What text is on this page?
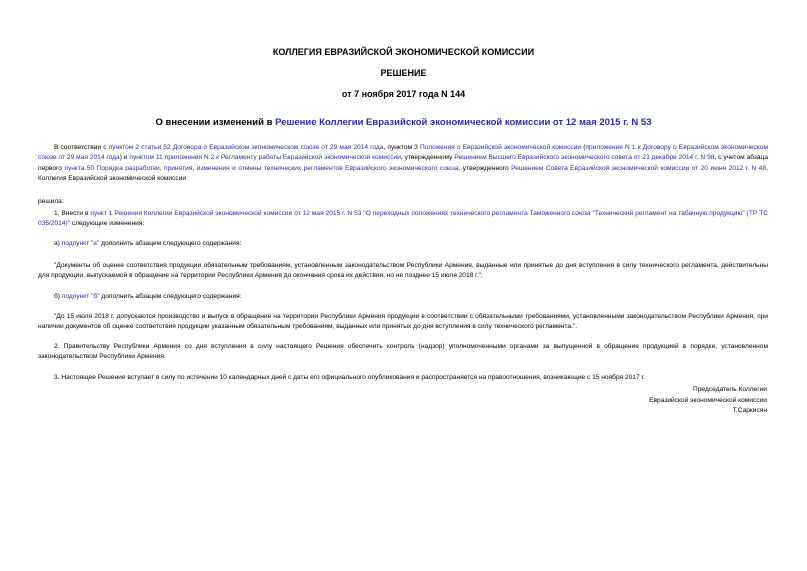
КОЛЛЕГИЯ ЕВРАЗИЙСКОЙ ЭКОНОМИЧЕСКОЙ КОМИССИИ
РЕШЕНИЕ
от 7 ноября 2017 года N 144
О внесении изменений в Решение Коллегии Евразийской экономической комиссии от 12 мая 2015 г. N 53
В соответствии с пунктом 2 статьи 52 Договора о Евразийском экономическом союзе от 29 мая 2014 года, пунктом 3 Положения о Евразийской экономической комиссии (приложение N 1 к Договору о Евразийском экономическом союзе от 29 мая 2014 года) и пунктом 11 приложения N 2 к Регламенту работы Евразийской экономической комиссии, утвержденному Решением Высшего Евразийского экономического совета от 23 декабря 2014 г. N 98, с учетом абзаца первого пункта 50 Порядка разработки, принятия, изменения и отмены технических регламентов Евразийского экономического союза, утвержденного Решением Совета Евразийской экономической комиссии от 20 июня 2012 г. N 48, Коллегия Евразийской экономической комиссии
решила:
1. Внести в пункт 1 Решения Коллегии Евразийской экономической комиссии от 12 мая 2015 г. N 53 "О переходных положениях технического регламента Таможенного союза "Технический регламент на табачную продукцию" (ТР ТС 035/2014)" следующие изменения:
а) подпункт "а" дополнить абзацем следующего содержания:
"Документы об оценке соответствия продукции обязательным требованиям, установленным законодательством Республики Армения, выданные или принятые до дня вступления в силу технического регламента, действительны для продукции, выпускаемой в обращение на территории Республики Армения до окончания срока их действия, но не позднее 15 июля 2018 г.";
б) подпункт "б" дополнить абзацем следующего содержания:
"До 15 июля 2018 г. допускаются производство и выпуск в обращение на территории Республики Армения продукции в соответствии с обязательными требованиями, установленными законодательством Республики Армения, при наличии документов об оценке соответствия продукции указанным обязательным требованиям, выданных или принятых до дня вступления в силу технического регламента.".
2. Правительству Республики Армения со дня вступления в силу настоящего Решения обеспечить контроль (надзор) уполномоченными органами за выпущенной в обращение продукцией в порядке, установленном законодательством Республики Армения.
3. Настоящее Решение вступает в силу по истечении 10 календарных дней с даты его официального опубликования и распространяется на правоотношения, возникающие с 15 ноября 2017 г.
Председатель Коллегии
Евразийской экономической комиссии
Т.Саркисян
